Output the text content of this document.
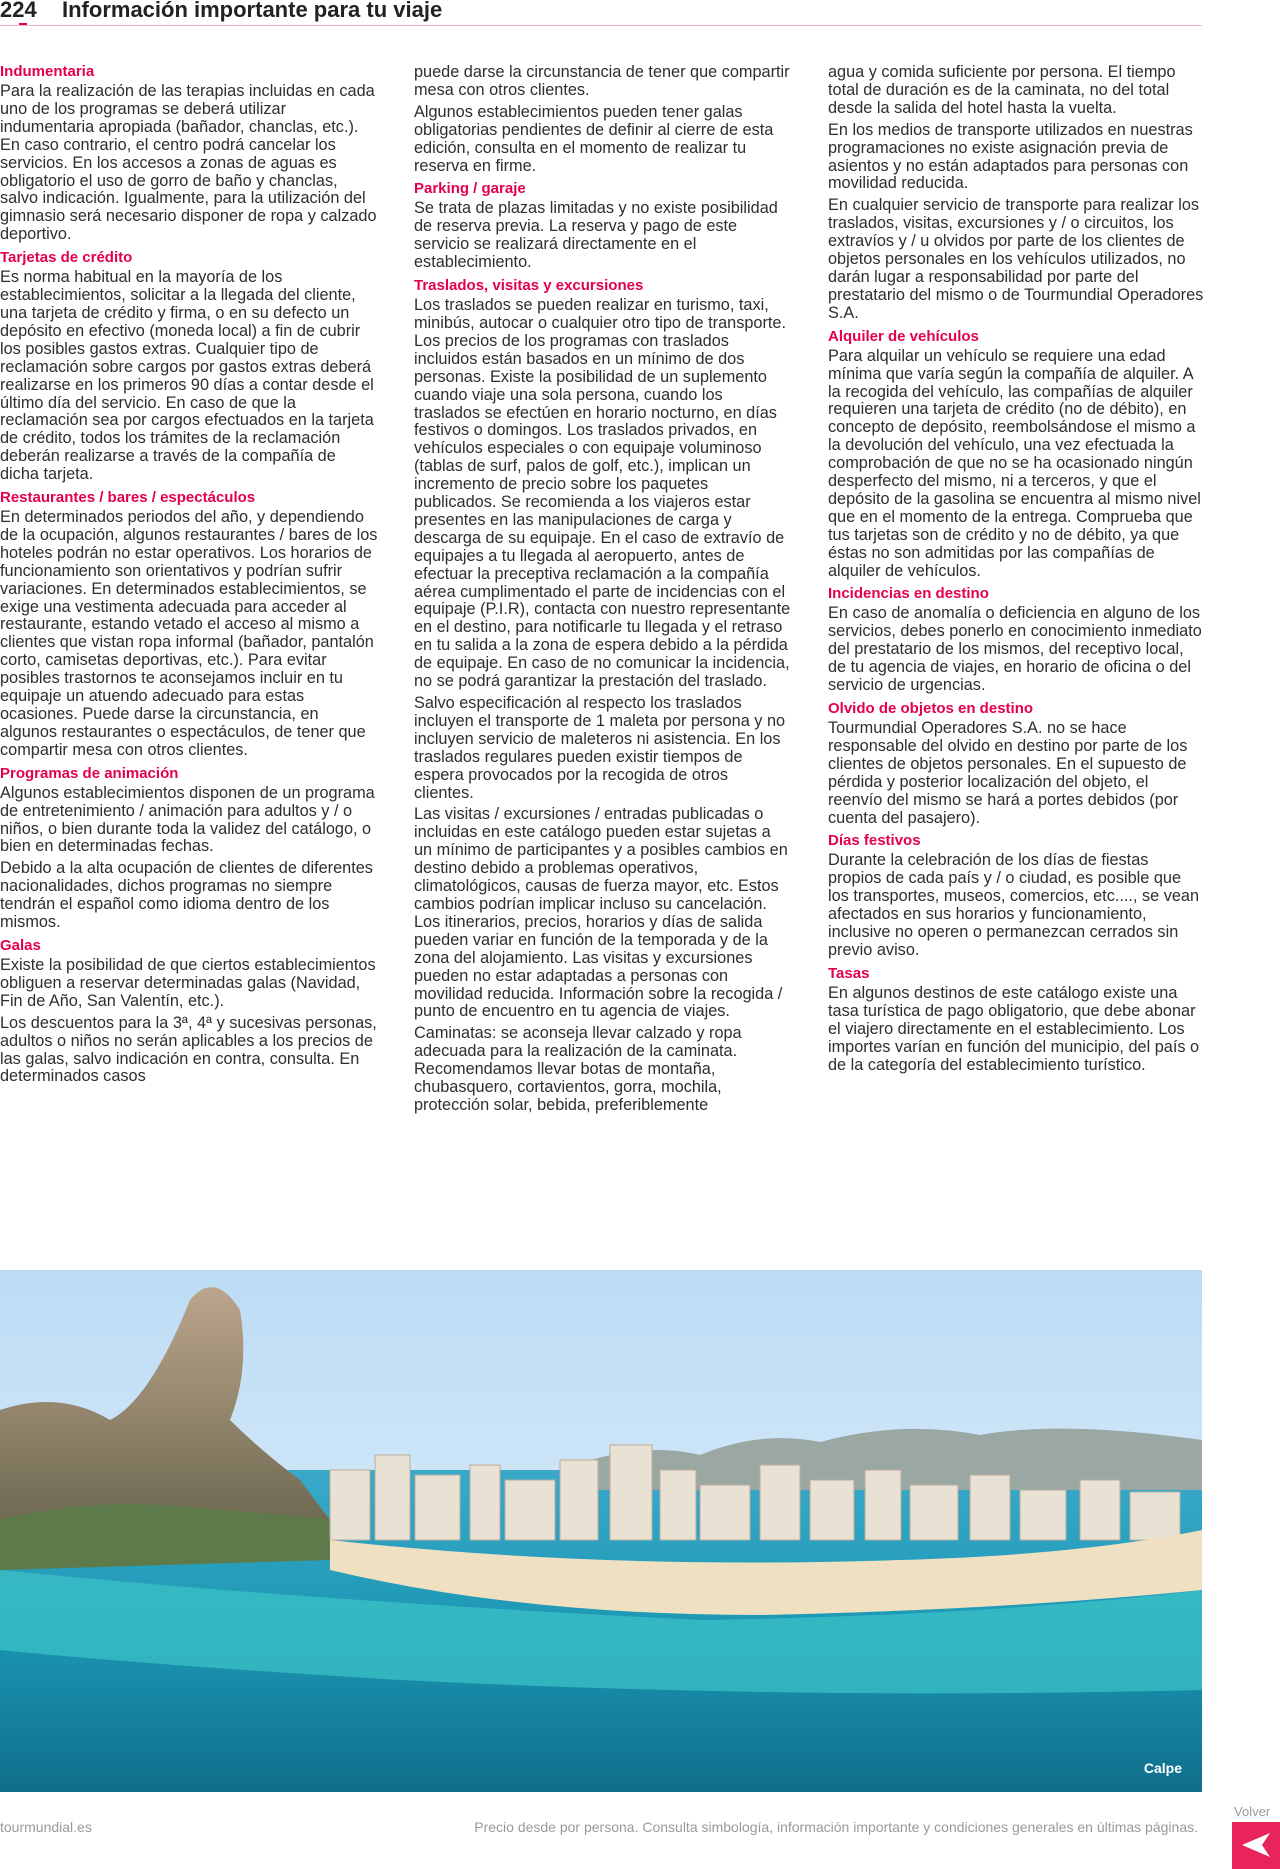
224 Información importante para tu viaje
Indumentaria

Para la realización de las terapias incluidas en cada uno de los programas se deberá utilizar indumentaria apropiada (bañador, chanclas, etc.). En caso contrario, el centro podrá cancelar los servicios. En los accesos a zonas de aguas es obligatorio el uso de gorro de baño y chanclas, salvo indicación. Igualmente, para la utilización del gimnasio será necesario disponer de ropa y calzado deportivo.

Tarjetas de crédito

Es norma habitual en la mayoría de los establecimientos, solicitar a la llegada del cliente, una tarjeta de crédito y firma, o en su defecto un depósito en efectivo (moneda local) a fin de cubrir los posibles gastos extras. Cualquier tipo de reclamación sobre cargos por gastos extras deberá realizarse en los primeros 90 días a contar desde el último día del servicio. En caso de que la reclamación sea por cargos efectuados en la tarjeta de crédito, todos los trámites de la reclamación deberán realizarse a través de la compañía de dicha tarjeta.

Restaurantes / bares / espectáculos

En determinados periodos del año, y dependiendo de la ocupación, algunos restaurantes / bares de los hoteles podrán no estar operativos. Los horarios de funcionamiento son orientativos y podrían sufrir variaciones. En determinados establecimientos, se exige una vestimenta adecuada para acceder al restaurante, estando vetado el acceso al mismo a clientes que vistan ropa informal (bañador, pantalón corto, camisetas deportivas, etc.). Para evitar posibles trastornos te aconsejamos incluir en tu equipaje un atuendo adecuado para estas ocasiones. Puede darse la circunstancia, en algunos restaurantes o espectáculos, de tener que compartir mesa con otros clientes.

Programas de animación

Algunos establecimientos disponen de un programa de entretenimiento / animación para adultos y / o niños, o bien durante toda la validez del catálogo, o bien en determinadas fechas.

Debido a la alta ocupación de clientes de diferentes nacionalidades, dichos programas no siempre tendrán el español como idioma dentro de los mismos.

Galas

Existe la posibilidad de que ciertos establecimientos obliguen a reservar determinadas galas (Navidad, Fin de Año, San Valentín, etc.).

Los descuentos para la 3ª, 4ª y sucesivas personas, adultos o niños no serán aplicables a los precios de las galas, salvo indicación en contra, consulta. En determinados casos

puede darse la circunstancia de tener que compartir mesa con otros clientes.

Algunos establecimientos pueden tener galas obligatorias pendientes de definir al cierre de esta edición, consulta en el momento de realizar tu reserva en firme.

Parking / garaje

Se trata de plazas limitadas y no existe posibilidad de reserva previa. La reserva y pago de este servicio se realizará directamente en el establecimiento.

Traslados, visitas y excursiones

Los traslados se pueden realizar en turismo, taxi, minibús, autocar o cualquier otro tipo de transporte. Los precios de los programas con traslados incluidos están basados en un mínimo de dos personas. Existe la posibilidad de un suplemento cuando viaje una sola persona, cuando los traslados se efectúen en horario nocturno, en días festivos o domingos. Los traslados privados, en vehículos especiales o con equipaje voluminoso (tablas de surf, palos de golf, etc.), implican un incremento de precio sobre los paquetes publicados. Se recomienda a los viajeros estar presentes en las manipulaciones de carga y descarga de su equipaje. En el caso de extravío de equipajes a tu llegada al aeropuerto, antes de efectuar la preceptiva reclamación a la compañía aérea cumplimentado el parte de incidencias con el equipaje (P.I.R), contacta con nuestro representante en el destino, para notificarle tu llegada y el retraso en tu salida a la zona de espera debido a la pérdida de equipaje. En caso de no comunicar la incidencia, no se podrá garantizar la prestación del traslado.

Salvo especificación al respecto los traslados incluyen el transporte de 1 maleta por persona y no incluyen servicio de maleteros ni asistencia. En los traslados regulares pueden existir tiempos de espera provocados por la recogida de otros clientes.

Las visitas / excursiones / entradas publicadas o incluidas en este catálogo pueden estar sujetas a un mínimo de participantes y a posibles cambios en destino debido a problemas operativos, climatológicos, causas de fuerza mayor, etc. Estos cambios podrían implicar incluso su cancelación. Los itinerarios, precios, horarios y días de salida pueden variar en función de la temporada y de la zona del alojamiento. Las visitas y excursiones pueden no estar adaptadas a personas con movilidad reducida. Información sobre la recogida / punto de encuentro en tu agencia de viajes.

Caminatas: se aconseja llevar calzado y ropa adecuada para la realización de la caminata. Recomendamos llevar botas de montaña, chubasquero, cortavientos, gorra, mochila, protección solar, bebida, preferiblemente

agua y comida suficiente por persona. El tiempo total de duración es de la caminata, no del total desde la salida del hotel hasta la vuelta.

En los medios de transporte utilizados en nuestras programaciones no existe asignación previa de asientos y no están adaptados para personas con movilidad reducida.

En cualquier servicio de transporte para realizar los traslados, visitas, excursiones y / o circuitos, los extravíos y / u olvidos por parte de los clientes de objetos personales en los vehículos utilizados, no darán lugar a responsabilidad por parte del prestatario del mismo o de Tourmundial Operadores S.A.

Alquiler de vehículos

Para alquilar un vehículo se requiere una edad mínima que varía según la compañía de alquiler. A la recogida del vehículo, las compañías de alquiler requieren una tarjeta de crédito (no de débito), en concepto de depósito, reembolsándose el mismo a la devolución del vehículo, una vez efectuada la comprobación de que no se ha ocasionado ningún desperfecto del mismo, ni a terceros, y que el depósito de la gasolina se encuentra al mismo nivel que en el momento de la entrega. Comprueba que tus tarjetas son de crédito y no de débito, ya que éstas no son admitidas por las compañías de alquiler de vehículos.

Incidencias en destino

En caso de anomalía o deficiencia en alguno de los servicios, debes ponerlo en conocimiento inmediato del prestatario de los mismos, del receptivo local, de tu agencia de viajes, en horario de oficina o del servicio de urgencias.

Olvido de objetos en destino

Tourmundial Operadores S.A. no se hace responsable del olvido en destino por parte de los clientes de objetos personales. En el supuesto de pérdida y posterior localización del objeto, el reenvío del mismo se hará a portes debidos (por cuenta del pasajero).

Días festivos

Durante la celebración de los días de fiestas propios de cada país y / o ciudad, es posible que los transportes, museos, comercios, etc...., se vean afectados en sus horarios y funcionamiento, inclusive no operen o permanezcan cerrados sin previo aviso.

Tasas

En algunos destinos de este catálogo existe una tasa turística de pago obligatorio, que debe abonar el viajero directamente en el establecimiento. Los importes varían en función del municipio, del país o de la categoría del establecimiento turístico.

Calpe
tourmundial.es	Precio desde por persona. Consulta simbología, información importante y condiciones generales en últimas páginas.
Volver
